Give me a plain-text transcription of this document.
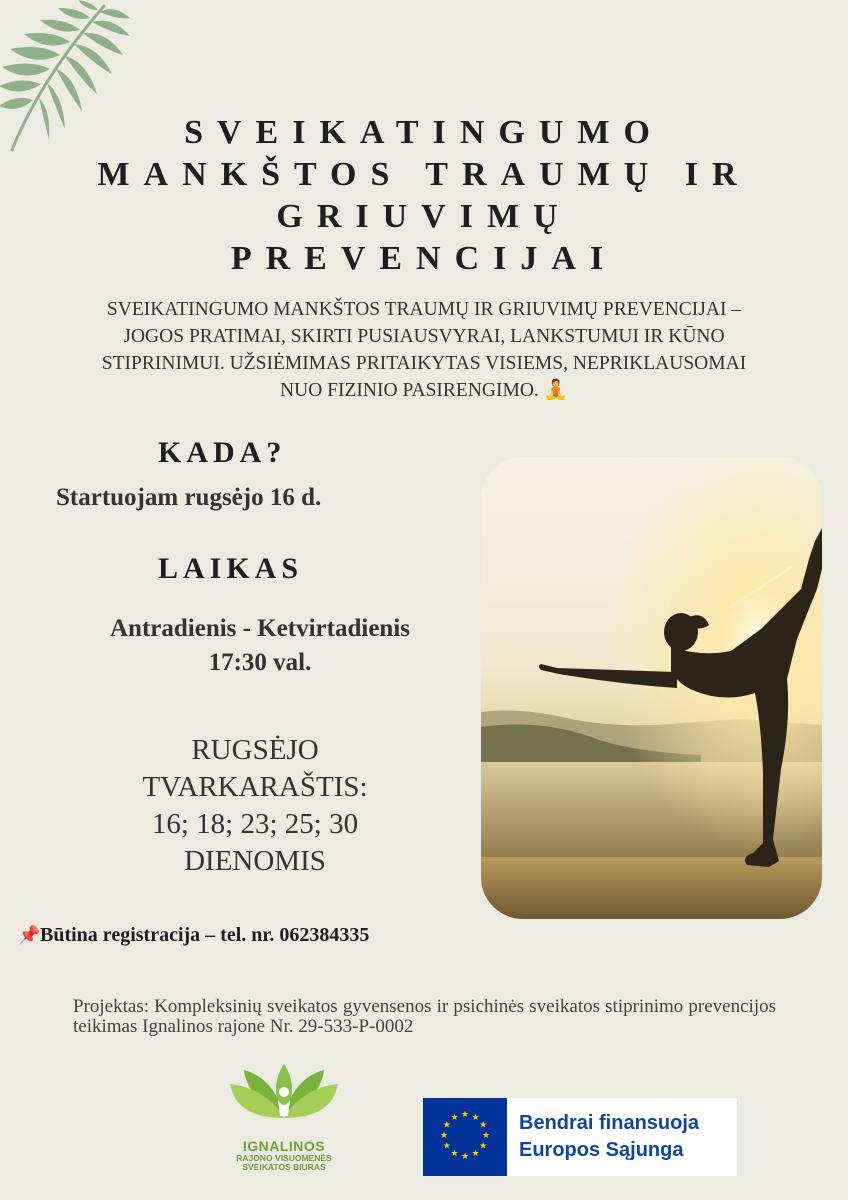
SVEIKATINGUMO
MANKŠTOS TRAUMŲ IR
GRIUVIMŲ
PREVENCIJAI
SVEIKATINGUMO MANKŠTOS TRAUMŲ IR GRIUVIMŲ PREVENCIJAI –
JOGOS PRATIMAI, SKIRTI PUSIAUSVYRAI, LANKSTUMUI IR KŪNO
STIPRINIMUI. UŽSIĖMIMAS PRITAIKYTAS VISIEMS, NEPRIKLAUSOMAI
NUO FIZINIO PASIRENGIMO. 🧘
KADA?
Startuojam rugsėjo 16 d.
LAIKAS
Antradienis - Ketvirtadienis
17:30 val.
RUGSĖJO
TVARKARAŠTIS:
16; 18; 23; 25; 30
DIENOMIS
📌Būtina registracija – tel. nr. 062384335
Projektas: Kompleksinių sveikatos gyvensenos ir psichinės sveikatos stiprinimo prevencijos teikimas Ignalinos rajone Nr. 29-533-P-0002
IGNALINOS
RAJONO VISUOMENĖS
SVEIKATOS BIURAS
★ ★
★
★
★
★
★
★
★
★
★
★	Bendrai finansuoja
Europos Sąjunga
